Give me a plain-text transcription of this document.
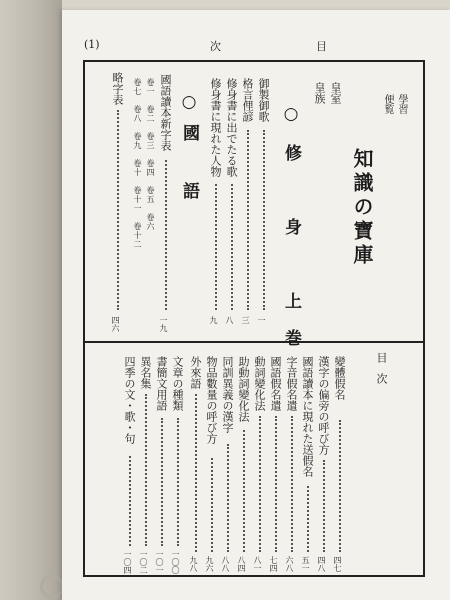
(1)	次	目
學習
便覧
知識の寶庫
目次
皇室
皇族
○修　身　上巻
御製御歌
一
格言俚諺
三
修身書に出でたる歌
八
修身書に現れた人物
九
○國　語
國語讀本新字表
一九
卷一　卷二　卷三　卷四　卷五　卷六
卷七　卷八　卷九　卷十　卷十一　卷十二
略字表
四六
變體假名
四七
漢字の偏旁の呼び方
四八
國語讀本に現れた送假名
五一
字音假名遣
六八
國語假名遣
七四
動詞變化法
八一
助動詞變化法
八四
同訓異義の漢字
八八
物品數量の呼び方
九六
外來語
九八
文章の種類
一〇〇
書簡文用語
一〇一
異名集
一〇二
四季の文・歌・句
一〇四
